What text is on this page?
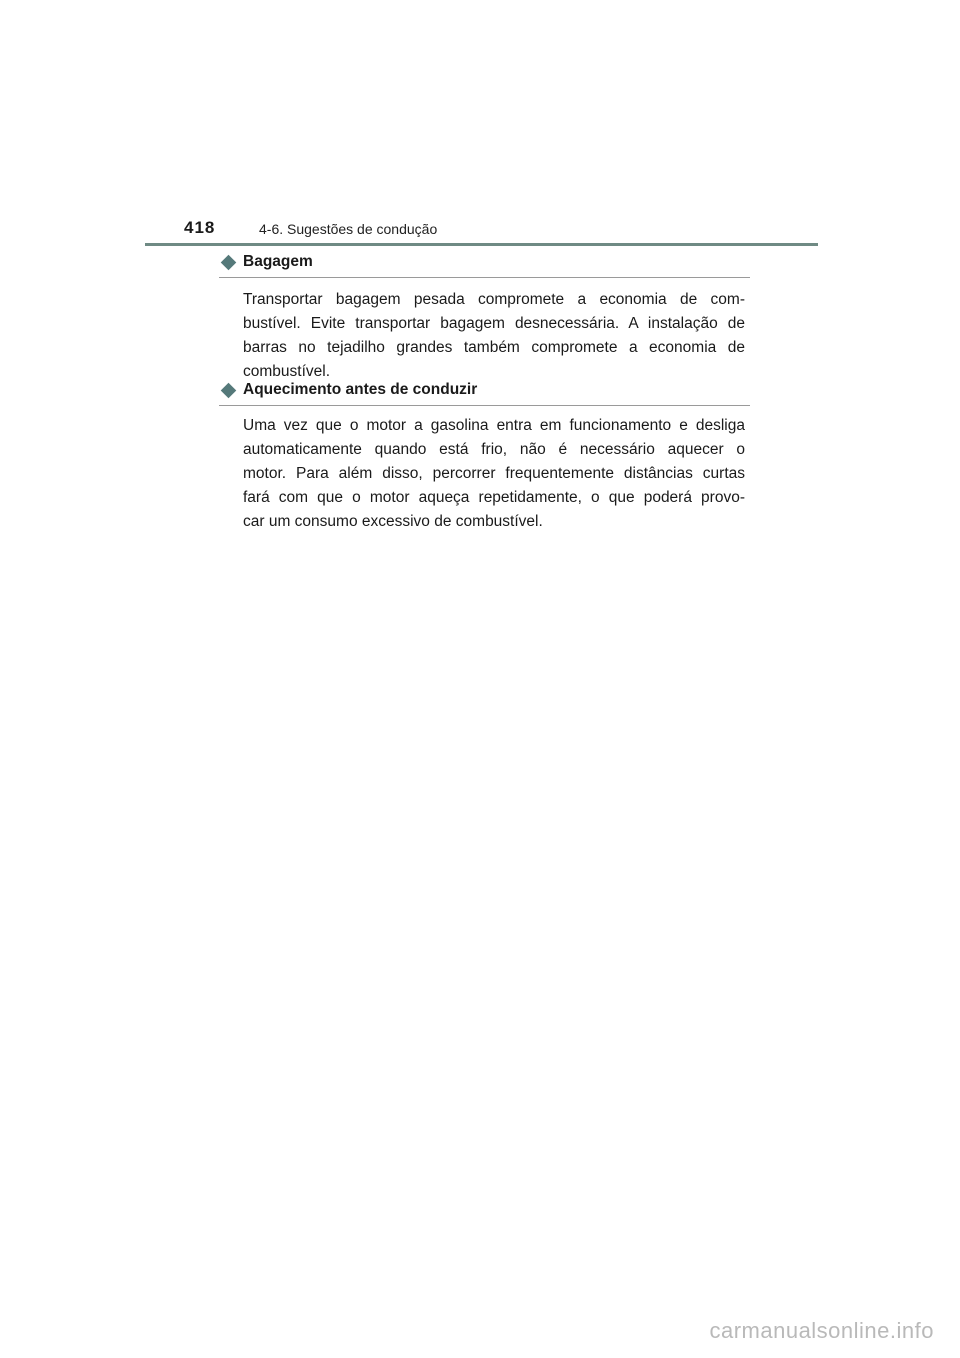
418	4-6. Sugestões de condução
Bagagem
Transportar bagagem pesada compromete a economia de com-
bustível. Evite transportar bagagem desnecessária. A instalação de
barras no tejadilho grandes também compromete a economia de
combustível.
Aquecimento antes de conduzir
Uma vez que o motor a gasolina entra em funcionamento e desliga
automaticamente quando está frio, não é necessário aquecer o
motor. Para além disso, percorrer frequentemente distâncias curtas
fará com que o motor aqueça repetidamente, o que poderá provo-
car um consumo excessivo de combustível.
carmanualsonline.info
